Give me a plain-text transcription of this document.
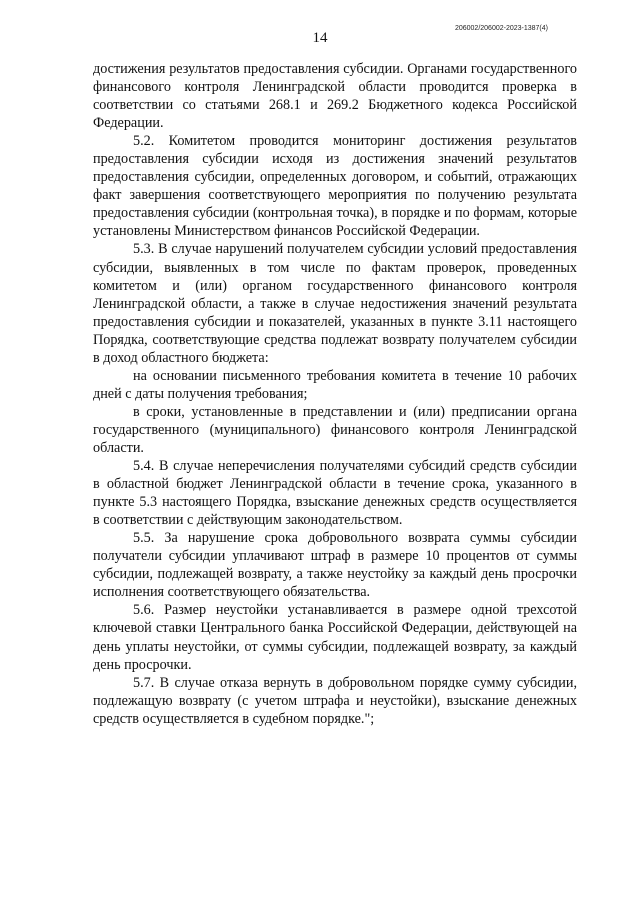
14
206002/206002-2023-1387(4)

достижения результатов предоставления субсидии. Органами государственного финансового контроля Ленинградской области проводится проверка в соответствии со статьями 268.1 и 269.2 Бюджетного кодекса Российской Федерации.

5.2. Комитетом проводится мониторинг достижения результатов предоставления субсидии исходя из достижения значений результатов предоставления субсидии, определенных договором, и событий, отражающих факт завершения соответствующего мероприятия по получению результата предоставления субсидии (контрольная точка), в порядке и по формам, которые установлены Министерством финансов Российской Федерации.

5.3. В случае нарушений получателем субсидии условий предоставления субсидии, выявленных в том числе по фактам проверок, проведенных комитетом и (или) органом государственного финансового контроля Ленинградской области, а также в случае недостижения значений результата предоставления субсидии и показателей, указанных в пункте 3.11 настоящего Порядка, соответствующие средства подлежат возврату получателем субсидии в доход областного бюджета:

на основании письменного требования комитета в течение 10 рабочих дней с даты получения требования;

в сроки, установленные в представлении и (или) предписании органа государственного (муниципального) финансового контроля Ленинградской области.

5.4. В случае неперечисления получателями субсидий средств субсидии в областной бюджет Ленинградской области в течение срока, указанного в пункте 5.3 настоящего Порядка, взыскание денежных средств осуществляется в соответствии с действующим законодательством.

5.5. За нарушение срока добровольного возврата суммы субсидии получатели субсидии уплачивают штраф в размере 10 процентов от суммы субсидии, подлежащей возврату, а также неустойку за каждый день просрочки исполнения соответствующего обязательства.

5.6. Размер неустойки устанавливается в размере одной трехсотой ключевой ставки Центрального банка Российской Федерации, действующей на день уплаты неустойки, от суммы субсидии, подлежащей возврату, за каждый день просрочки.

5.7. В случае отказа вернуть в добровольном порядке сумму субсидии, подлежащую возврату (с учетом штрафа и неустойки), взыскание денежных средств осуществляется в судебном порядке.";
